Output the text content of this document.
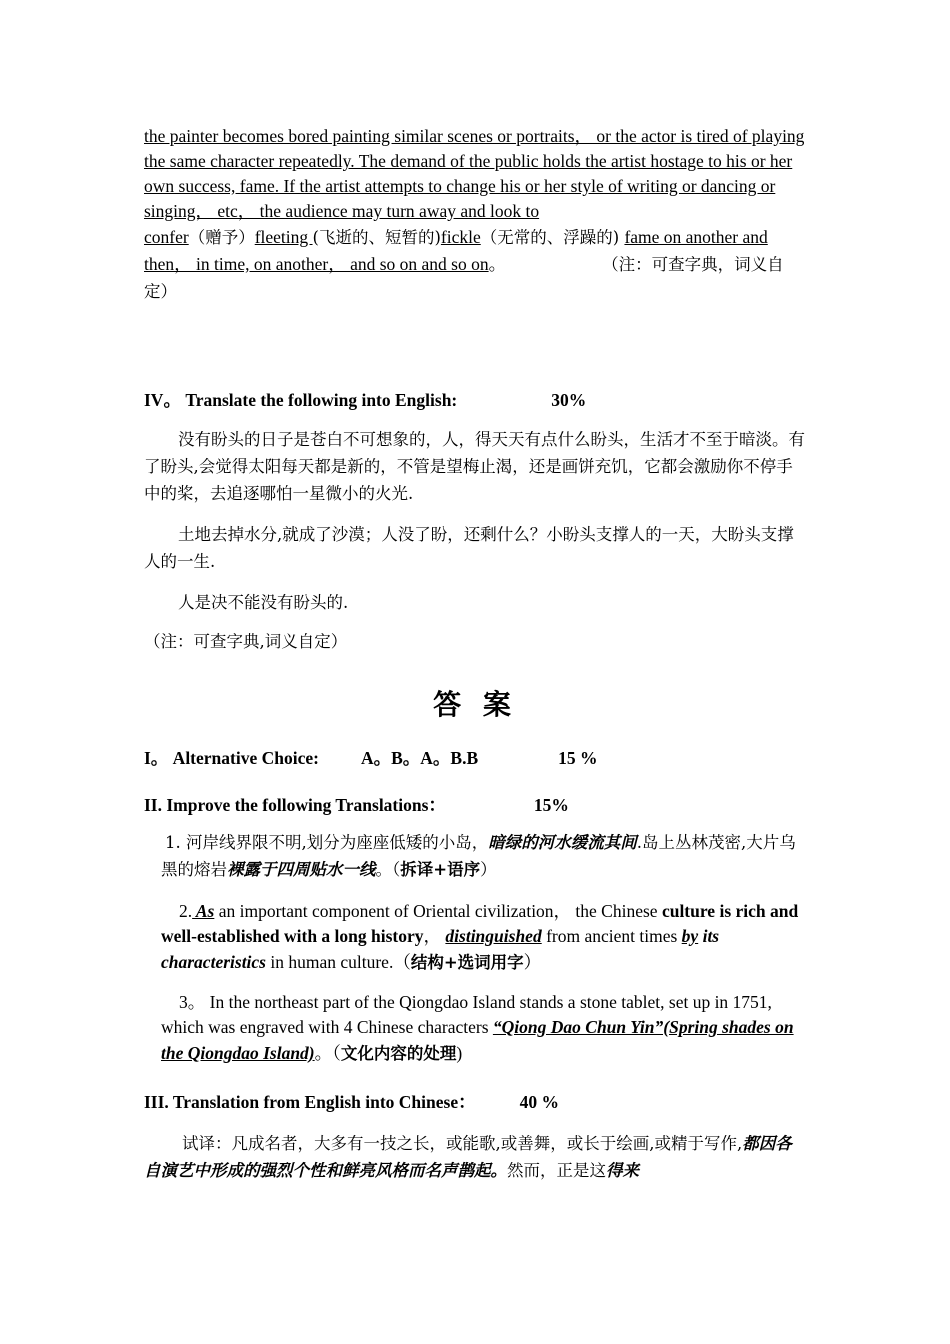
the painter becomes bored painting similar scenes or portraits， or the actor is tired of playing the same character repeatedly. The demand of the public holds the artist hostage to his or her own success, fame. If the artist attempts to change his or her style of writing or dancing or singing， etc， the audience may turn away and look to
confer（赠予）fleeting (飞逝的、短暂的)fickle（无常的、浮躁的) fame on another and then， in time, on another， and so on and so on。	（注：可查字典，词义自定）

IV。 Translate the following into English:	30%

没有盼头的日子是苍白不可想象的，人，得天天有点什么盼头，生活才不至于暗淡。有了盼头,会觉得太阳每天都是新的，不管是望梅止渴，还是画饼充饥，它都会激励你不停手中的桨，去追逐哪怕一星微小的火光.

土地去掉水分,就成了沙漠；人没了盼，还剩什么？小盼头支撑人的一天，大盼头支撑人的一生.

人是决不能没有盼头的.

（注：可查字典,词义自定）

答 案

I。 Alternative Choice: A。B。A。B.B	15 %

II. Improve the following Translations：	15%

1. 河岸线界限不明,划分为座座低矮的小岛，暗绿的河水缓流其间.岛上丛林茂密,大片乌黑的熔岩裸露于四周贴水一线。（拆译+语序）

2. As an important component of Oriental civilization， the Chinese culture is rich and well-established with a long history， distinguished from ancient times by its characteristics in human culture.（结构+选词用字）

3。 In the northeast part of the Qiongdao Island stands a stone tablet, set up in 1751, which was engraved with 4 Chinese characters “Qiong Dao Chun Yin”(Spring shades on the Qiongdao Island)。（文化内容的处理)

III. Translation from English into Chinese：	40 %

试译：凡成名者，大多有一技之长，或能歌,或善舞，或长于绘画,或精于写作,都因各自演艺中形成的强烈个性和鲜亮风格而名声鹊起。然而，正是这得来
